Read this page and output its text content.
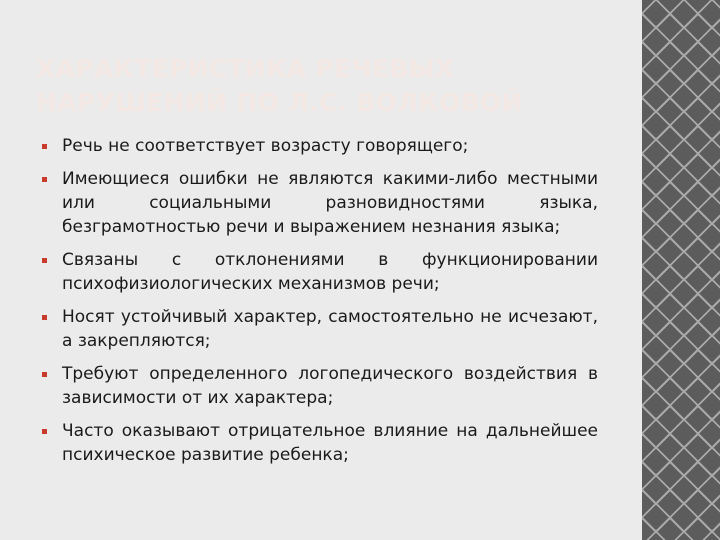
ХАРАКТЕРИСТИКА РЕЧЕВЫХ НАРУШЕНИЙ ПО Л.С. ВОЛКОВОЙ
Речь не соответствует возрасту говорящего;
Имеющиеся ошибки не являются какими-либо местными или социальными разновидностями языка, безграмотностью речи и выражением незнания языка;
Связаны с отклонениями в функционировании психофизиологических механизмов речи;
Носят устойчивый характер, самостоятельно не исчезают, а закрепляются;
Требуют определенного логопедического воздействия в зависимости от их характера;
Часто оказывают отрицательное влияние на дальнейшее психическое развитие ребенка;
